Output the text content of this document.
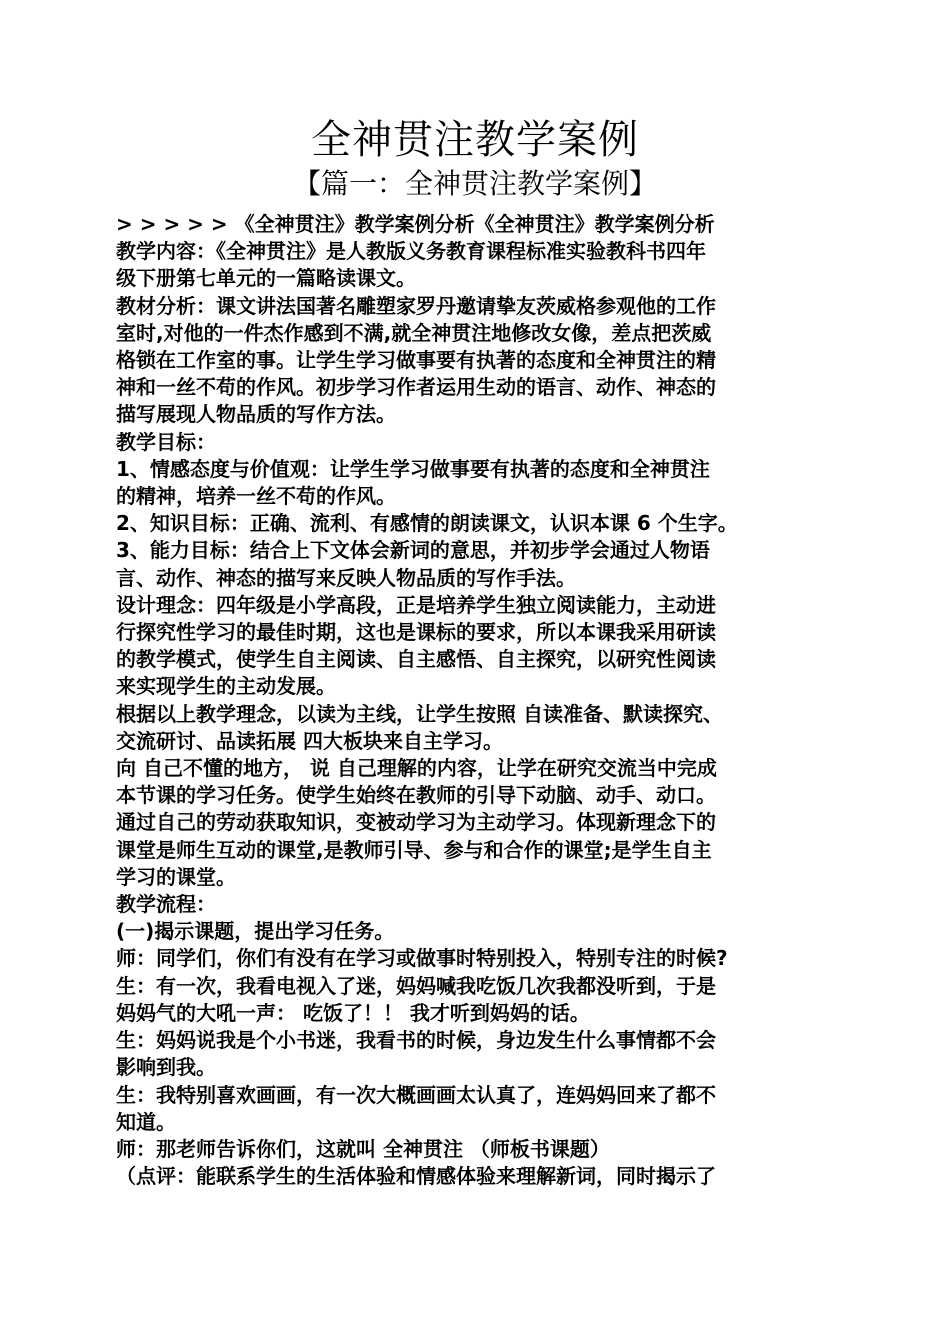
全神贯注教学案例
【篇一：全神贯注教学案例】
> > > > > 《全神贯注》教学案例分析《全神贯注》教学案例分析
教学内容：《全神贯注》是人教版义务教育课程标准实验教科书四年
级下册第七单元的一篇略读课文。
教材分析：课文讲法国著名雕塑家罗丹邀请挚友茨威格参观他的工作
室时,对他的一件杰作感到不满,就全神贯注地修改女像，差点把茨威
格锁在工作室的事。让学生学习做事要有执著的态度和全神贯注的精
神和一丝不苟的作风。初步学习作者运用生动的语言、动作、神态的
描写展现人物品质的写作方法。
教学目标：
1、情感态度与价值观：让学生学习做事要有执著的态度和全神贯注
的精神，培养一丝不苟的作风。
2、知识目标：正确、流利、有感情的朗读课文，认识本课 6 个生字。
3、能力目标：结合上下文体会新词的意思，并初步学会通过人物语
言、动作、神态的描写来反映人物品质的写作手法。
设计理念：四年级是小学高段，正是培养学生独立阅读能力，主动进
行探究性学习的最佳时期，这也是课标的要求，所以本课我采用研读
的教学模式，使学生自主阅读、自主感悟、自主探究，以研究性阅读
来实现学生的主动发展。
根据以上教学理念，以读为主线，让学生按照 自读准备、默读探究、
交流研讨、品读拓展 四大板块来自主学习。
向 自己不懂的地方， 说 自己理解的内容，让学在研究交流当中完成
本节课的学习任务。使学生始终在教师的引导下动脑、动手、动口。
通过自己的劳动获取知识，变被动学习为主动学习。体现新理念下的
课堂是师生互动的课堂,是教师引导、参与和合作的课堂;是学生自主
学习的课堂。
教学流程：
(一)揭示课题，提出学习任务。
师：同学们，你们有没有在学习或做事时特别投入，特别专注的时候?
生：有一次，我看电视入了迷，妈妈喊我吃饭几次我都没听到，于是
妈妈气的大吼一声： 吃饭了！！ 我才听到妈妈的话。
生：妈妈说我是个小书迷，我看书的时候，身边发生什么事情都不会
影响到我。
生：我特别喜欢画画，有一次大概画画太认真了，连妈妈回来了都不
知道。
师：那老师告诉你们，这就叫 全神贯注 （师板书课题）
（点评：能联系学生的生活体验和情感体验来理解新词，同时揭示了
